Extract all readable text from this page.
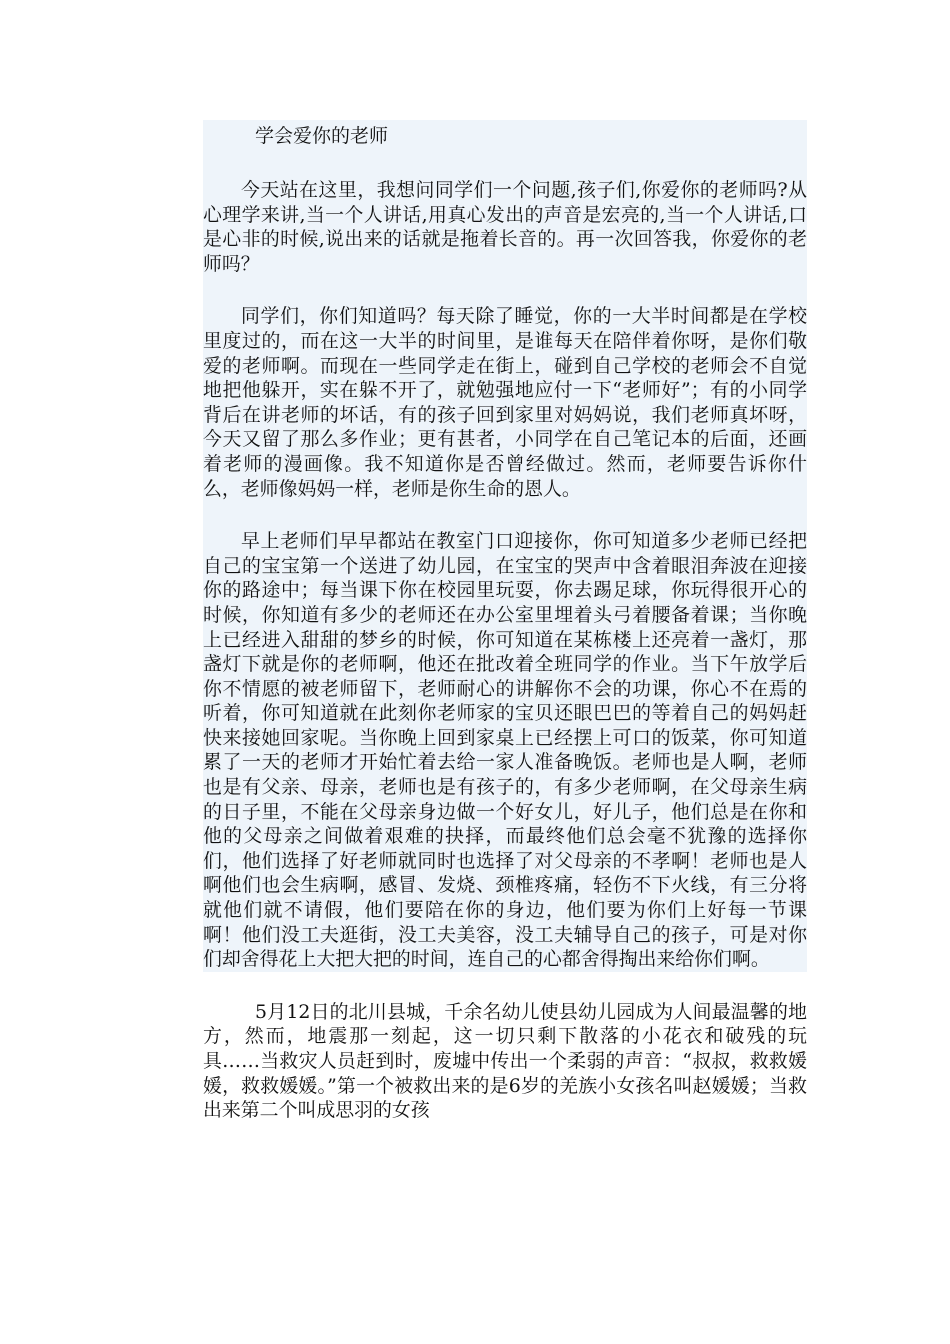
学会爱你的老师

今天站在这里，我想问同学们一个问题,孩子们,你爱你的老师吗?从心理学来讲,当一个人讲话,用真心发出的声音是宏亮的,当一个人讲话,口是心非的时候,说出来的话就是拖着长音的。再一次回答我，你爱你的老师吗？

同学们，你们知道吗？每天除了睡觉，你的一大半时间都是在学校里度过的，而在这一大半的时间里，是谁每天在陪伴着你呀，是你们敬爱的老师啊。而现在一些同学走在街上，碰到自己学校的老师会不自觉地把他躲开，实在躲不开了，就勉强地应付一下“老师好”；有的小同学背后在讲老师的坏话，有的孩子回到家里对妈妈说，我们老师真坏呀，今天又留了那么多作业；更有甚者，小同学在自己笔记本的后面，还画着老师的漫画像。我不知道你是否曾经做过。然而，老师要告诉你什么，老师像妈妈一样，老师是你生命的恩人。

早上老师们早早都站在教室门口迎接你，你可知道多少老师已经把自己的宝宝第一个送进了幼儿园，在宝宝的哭声中含着眼泪奔波在迎接你的路途中；每当课下你在校园里玩耍，你去踢足球，你玩得很开心的时候，你知道有多少的老师还在办公室里埋着头弓着腰备着课；当你晚上已经进入甜甜的梦乡的时候，你可知道在某栋楼上还亮着一盏灯，那盏灯下就是你的老师啊，他还在批改着全班同学的作业。当下午放学后你不情愿的被老师留下，老师耐心的讲解你不会的功课，你心不在焉的听着，你可知道就在此刻你老师家的宝贝还眼巴巴的等着自己的妈妈赶快来接她回家呢。当你晚上回到家桌上已经摆上可口的饭菜，你可知道累了一天的老师才开始忙着去给一家人准备晚饭。老师也是人啊，老师也是有父亲、母亲，老师也是有孩子的，有多少老师啊，在父母亲生病的日子里，不能在父母亲身边做一个好女儿，好儿子，他们总是在你和他的父母亲之间做着艰难的抉择，而最终他们总会毫不犹豫的选择你们，他们选择了好老师就同时也选择了对父母亲的不孝啊！老师也是人啊他们也会生病啊，感冒、发烧、颈椎疼痛，轻伤不下火线，有三分将就他们就不请假，他们要陪在你的身边，他们要为你们上好每一节课啊！他们没工夫逛街，没工夫美容，没工夫辅导自己的孩子，可是对你们却舍得花上大把大把的时间，连自己的心都舍得掏出来给你们啊。

5月12日的北川县城，千余名幼儿使县幼儿园成为人间最温馨的地方，然而，地震那一刻起，这一切只剩下散落的小花衣和破残的玩具……当救灾人员赶到时，废墟中传出一个柔弱的声音：“叔叔，救救媛媛，救救媛媛。”第一个被救出来的是6岁的羌族小女孩名叫赵媛媛；当救出来第二个叫成思羽的女孩
